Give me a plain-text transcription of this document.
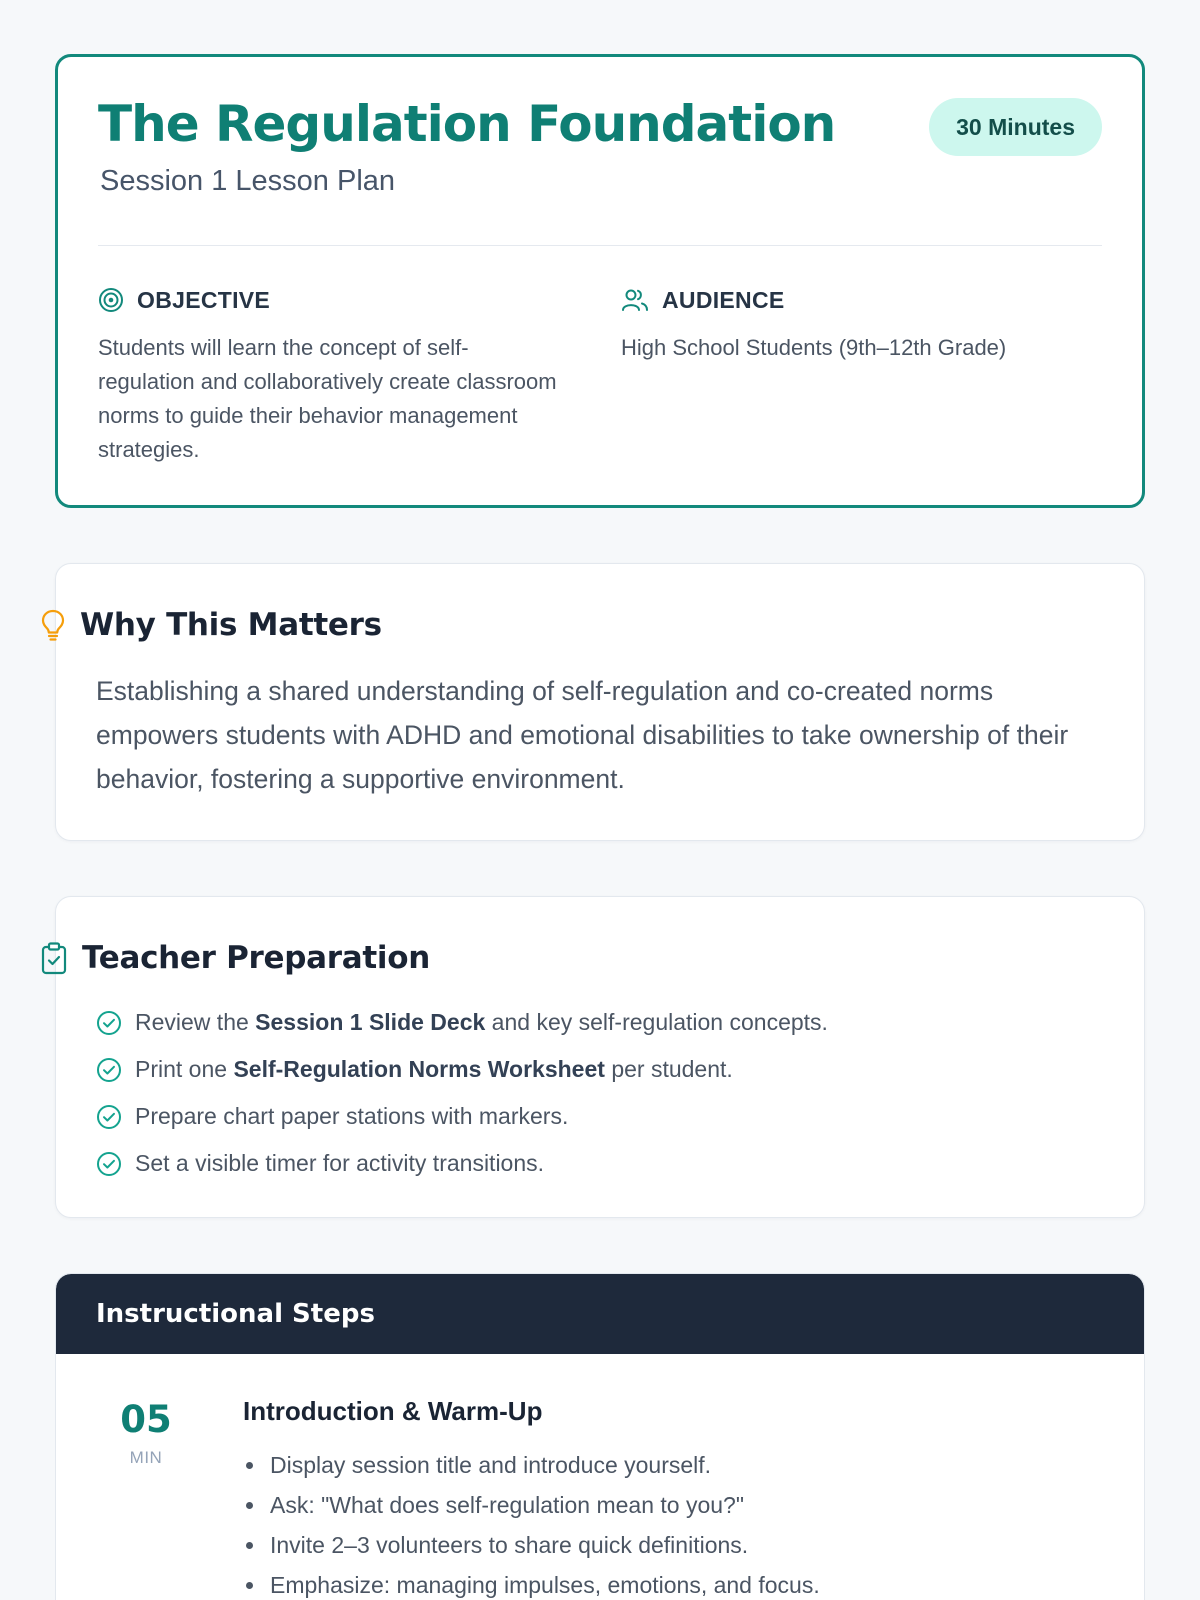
The Regulation Foundation

Session 1 Lesson Plan

30 Minutes
OBJECTIVE

Students will learn the concept of self-regulation and collaboratively create classroom norms to guide their behavior management strategies.

AUDIENCE

High School Students (9th–12th Grade)

Why This Matters

Establishing a shared understanding of self-regulation and co-created norms empowers students with ADHD and emotional disabilities to take ownership of their behavior, fostering a supportive environment.

Teacher Preparation
Review the Session 1 Slide Deck and key self-regulation concepts.
Print one Self-Regulation Norms Worksheet per student.
Prepare chart paper stations with markers.
Set a visible timer for activity transitions.
Instructional Steps
05
MIN
Introduction & Warm-Up
Display session title and introduce yourself.
Ask: "What does self-regulation mean to you?"
Invite 2–3 volunteers to share quick definitions.
Emphasize: managing impulses, emotions, and focus.
